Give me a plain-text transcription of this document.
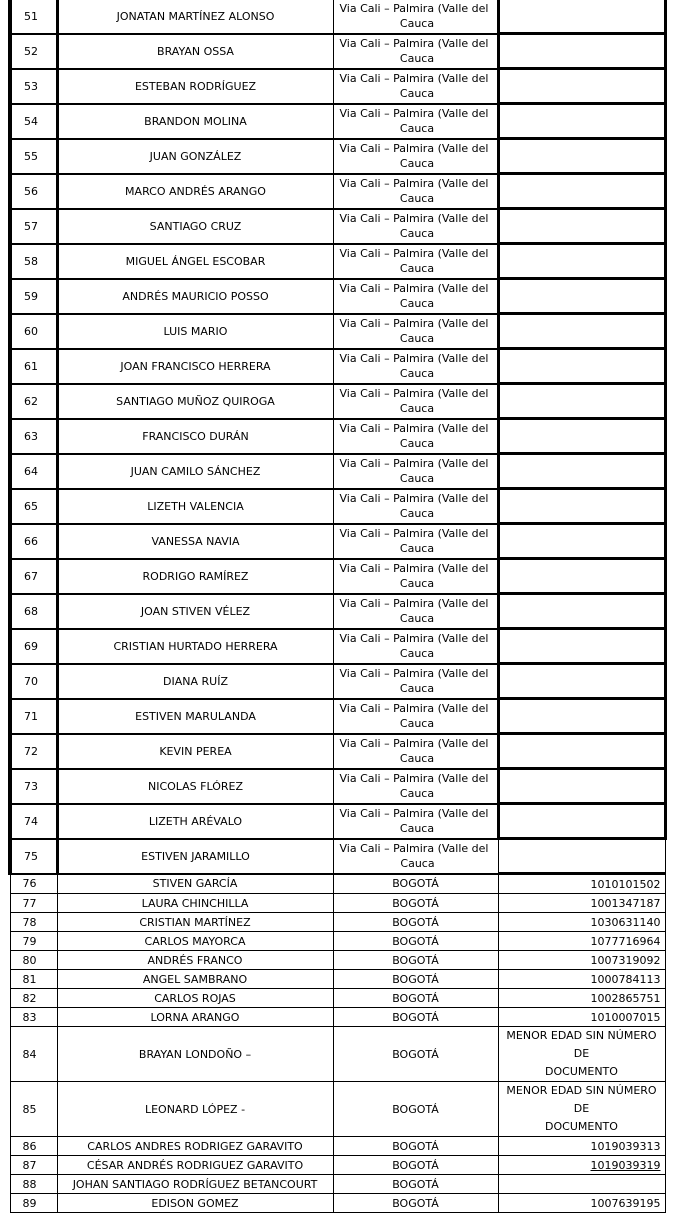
51	JONATAN MARTÍNEZ ALONSO	Via Cali – Palmira (Valle del
Cauca	

52	BRAYAN OSSA	Via Cali – Palmira (Valle del
Cauca	

53	ESTEBAN RODRÍGUEZ	Via Cali – Palmira (Valle del
Cauca	

54	BRANDON MOLINA	Via Cali – Palmira (Valle del
Cauca	

55	JUAN GONZÁLEZ	Via Cali – Palmira (Valle del
Cauca	

56	MARCO ANDRÉS ARANGO	Via Cali – Palmira (Valle del
Cauca	

57	SANTIAGO CRUZ	Via Cali – Palmira (Valle del
Cauca	

58	MIGUEL ÁNGEL ESCOBAR	Via Cali – Palmira (Valle del
Cauca	

59	ANDRÉS MAURICIO POSSO	Via Cali – Palmira (Valle del
Cauca	

60	LUIS MARIO	Via Cali – Palmira (Valle del
Cauca	

61	JOAN FRANCISCO HERRERA	Via Cali – Palmira (Valle del
Cauca	

62	SANTIAGO MUÑOZ QUIROGA	Via Cali – Palmira (Valle del
Cauca	

63	FRANCISCO DURÁN	Via Cali – Palmira (Valle del
Cauca	

64	JUAN CAMILO SÁNCHEZ	Via Cali – Palmira (Valle del
Cauca	

65	LIZETH VALENCIA	Via Cali – Palmira (Valle del
Cauca	

66	VANESSA NAVIA	Via Cali – Palmira (Valle del
Cauca	

67	RODRIGO RAMÍREZ	Via Cali – Palmira (Valle del
Cauca	

68	JOAN STIVEN VÉLEZ	Via Cali – Palmira (Valle del
Cauca	

69	CRISTIAN HURTADO HERRERA	Via Cali – Palmira (Valle del
Cauca	

70	DIANA RUÍZ	Via Cali – Palmira (Valle del
Cauca	

71	ESTIVEN MARULANDA	Via Cali – Palmira (Valle del
Cauca	

72	KEVIN PEREA	Via Cali – Palmira (Valle del
Cauca	

73	NICOLAS FLÓREZ	Via Cali – Palmira (Valle del
Cauca	

74	LIZETH ARÉVALO	Via Cali – Palmira (Valle del
Cauca	

75	ESTIVEN JARAMILLO	Via Cali – Palmira (Valle del
Cauca	

76	STIVEN GARCÍA	BOGOTÁ	1010101502
77	LAURA CHINCHILLA	BOGOTÁ	1001347187
78	CRISTIAN MARTÍNEZ	BOGOTÁ	1030631140
79	CARLOS MAYORCA	BOGOTÁ	1077716964
80	ANDRÉS FRANCO	BOGOTÁ	1007319092
81	ANGEL SAMBRANO	BOGOTÁ	1000784113
82	CARLOS ROJAS	BOGOTÁ	1002865751
83	LORNA ARANGO	BOGOTÁ	1010007015
84	BRAYAN LONDOÑO –	BOGOTÁ	MENOR EDAD SIN NÚMERO DE
DOCUMENTO

85	LEONARD LÓPEZ -	BOGOTÁ	MENOR EDAD SIN NÚMERO DE
DOCUMENTO

86	CARLOS ANDRES RODRIGEZ GARAVITO	BOGOTÁ	1019039313
87	CÉSAR ANDRÉS RODRIGUEZ GARAVITO	BOGOTÁ	1019039319
88	JOHAN SANTIAGO RODRÍGUEZ BETANCOURT	BOGOTÁ	
89	EDISON GOMEZ	BOGOTÁ	1007639195
